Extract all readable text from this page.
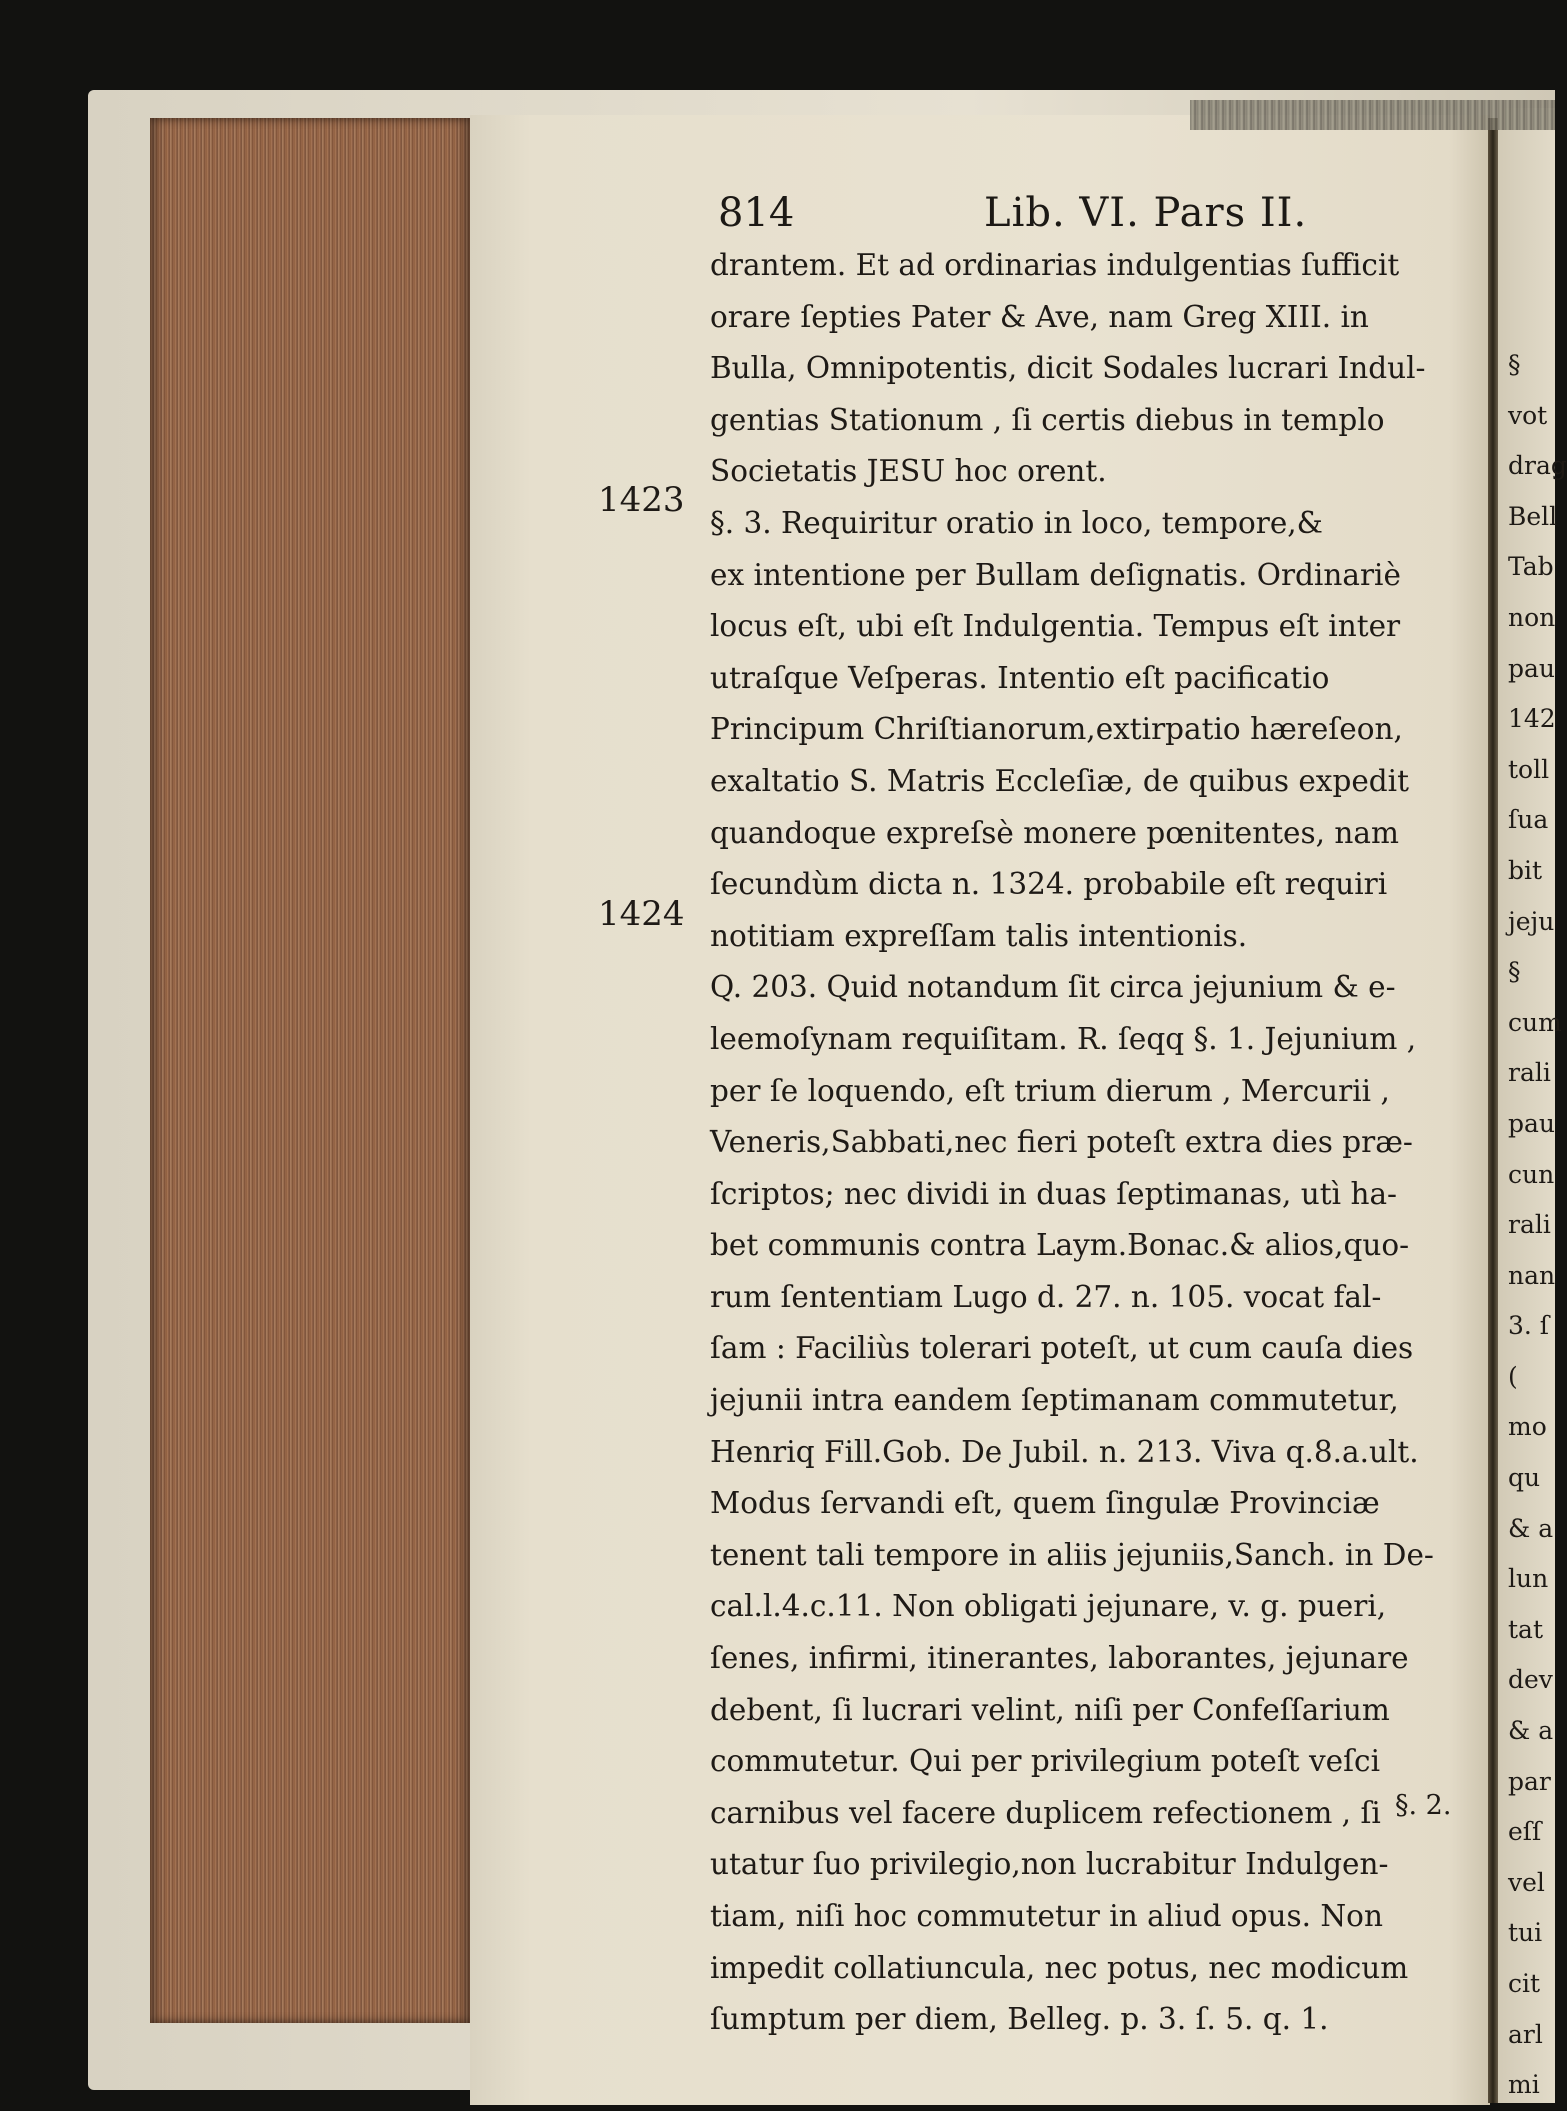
§
vot
drag
Bell
Tab
non
pau
142
toll
ſua
bit
jeju
§
cum
rali
pau
cun
rali
nan
3. ſ
(
mo
qu
& a
lun
tat
dev
& a
par
eſſ
vel
tui
cit
arl
mi
814	Lib. VI. Pars II.
1423
1424
drantem. Et ad ordinarias indulgentias ſufficit
orare ſepties Pater & Ave, nam Greg XIII. in
Bulla, Omnipotentis, dicit Sodales lucrari Indul-
gentias Stationum , ſi certis diebus in templo
Societatis JESU hoc orent.
§. 3. Requiritur oratio in loco, tempore,&
ex intentione per Bullam deſignatis. Ordinariè
locus eſt, ubi eſt Indulgentia. Tempus eſt inter
utraſque Veſperas. Intentio eſt pacificatio
Principum Chriſtianorum,extirpatio hæreſeon,
exaltatio S. Matris Eccleſiæ, de quibus expedit
quandoque expreſsè monere pœnitentes, nam
ſecundùm dicta n. 1324. probabile eſt requiri
notitiam expreſſam talis intentionis.
Q. 203. Quid notandum ſit circa jejunium & e-
leemoſynam requiſitam. R. ſeqq §. 1. Jejunium ,
per ſe loquendo, eſt trium dierum , Mercurii ,
Veneris,Sabbati,nec fieri poteſt extra dies præ-
ſcriptos; nec dividi in duas ſeptimanas, utì ha-
bet communis contra Laym.Bonac.& alios,quo-
rum ſententiam Lugo d. 27. n. 105. vocat fal-
ſam : Faciliùs tolerari poteſt, ut cum cauſa dies
jejunii intra eandem ſeptimanam commutetur,
Henriq Fill.Gob. De Jubil. n. 213. Viva q.8.a.ult.
Modus ſervandi eſt, quem ſingulæ Provinciæ
tenent tali tempore in aliis jejuniis,Sanch. in De-
cal.l.4.c.11. Non obligati jejunare, v. g. pueri,
ſenes, infirmi, itinerantes, laborantes, jejunare
debent, ſi lucrari velint, niſi per Confeſſarium
commutetur. Qui per privilegium poteſt veſci
carnibus vel facere duplicem refectionem , ſi
utatur ſuo privilegio,non lucrabitur Indulgen-
tiam, niſi hoc commutetur in aliud opus. Non
impedit collatiuncula, nec potus, nec modicum
ſumptum per diem, Belleg. p. 3. ſ. 5. q. 1.
§. 2.
